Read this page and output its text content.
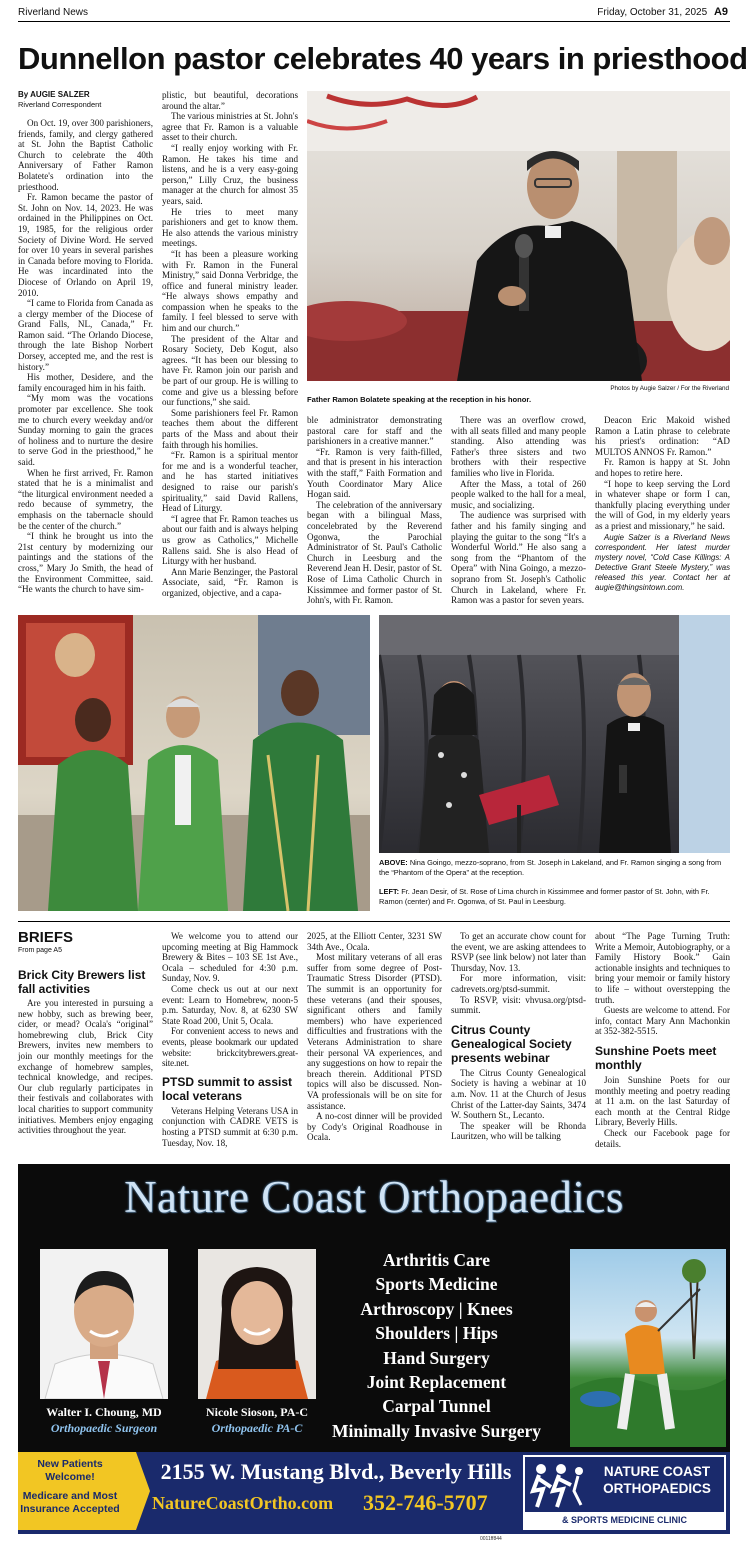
Riverland News	Friday, October 31, 2025 A9
Dunnellon pastor celebrates 40 years in priesthood
By AUGIE SALZER
Riverland Correspondent

On Oct. 19, over 300 parishioners, friends, family, and clergy gathered at St. John the Baptist Catholic Church to celebrate the 40th Anniversary of Father Ramon Bolatete's ordination into the priesthood.

Fr. Ramon became the pastor of St. John on Nov. 14, 2023. He was ordained in the Philippines on Oct. 19, 1985, for the religious order Society of Divine Word. He served for over 10 years in several parishes in Canada before moving to Florida. He was incardinated into the Diocese of Orlando on April 19, 2010.

“I came to Florida from Canada as a clergy member of the Diocese of Grand Falls, NL, Canada,” Fr. Ramon said. “The Orlando Diocese, through the late Bishop Norbert Dorsey, accepted me, and the rest is history.”

His mother, Desidere, and the family encouraged him in his faith.

“My mom was the vocations promoter par excellence. She took me to church every weekday and/or Sunday morning to gain the graces of holiness and to nurture the desire to serve God in the priesthood,” he said.

When he first arrived, Fr. Ramon stated that he is a minimalist and “the liturgical environment needed a redo because of symmetry, the emphasis on the tabernacle should be the center of the church.”

“I think he brought us into the 21st century by modernizing our paintings and the stations of the cross,” Mary Jo Smith, the head of the Environment Committee, said. “He wants the church to have sim-

plistic, but beautiful, decorations around the altar.”

The various ministries at St. John's agree that Fr. Ramon is a valuable asset to their church.

“I really enjoy working with Fr. Ramon. He takes his time and listens, and he is a very easy-going person,” Lilly Cruz, the business manager at the church for almost 35 years, said.

He tries to meet many parishioners and get to know them. He also attends the various ministry meetings.

“It has been a pleasure working with Fr. Ramon in the Funeral Ministry,” said Donna Verbridge, the office and funeral ministry leader. “He always shows empathy and compassion when he speaks to the family. I feel blessed to serve with him and our church.”

The president of the Altar and Rosary Society, Deb Kogut, also agrees. “It has been our blessing to have Fr. Ramon join our parish and be part of our group. He is willing to come and give us a blessing before our functions,” she said.

Some parishioners feel Fr. Ramon teaches them about the different parts of the Mass and about their faith through his homilies.

“Fr. Ramon is a spiritual mentor for me and is a wonderful teacher, and he has started initiatives designed to raise our parish's spirituality,” said David Rallens, Head of Liturgy.

“I agree that Fr. Ramon teaches us about our faith and is always helping us grow as Catholics,” Michelle Rallens said. She is also Head of Liturgy with her husband.

Ann Marie Benzinger, the Pastoral Associate, said, “Fr. Ramon is organized, objective, and a capa-

Photos by Augie Salzer / For the Riverland
Father Ramon Bolatete speaking at the reception in his honor.

ble administrator demonstrating pastoral care for staff and the parishioners in a creative manner.”

“Fr. Ramon is very faith-filled, and that is present in his interaction with the staff,” Faith Formation and Youth Coordinator Mary Alice Hogan said.

The celebration of the anniversary began with a bilingual Mass, concelebrated by the Reverend Ogonwa, the Parochial Administrator of St. Paul's Catholic Church in Leesburg and the Reverend Jean H. Desir, pastor of St. Rose of Lima Catholic Church in Kissimmee and former pastor of St. John's, with Fr. Ramon.

There was an overflow crowd, with all seats filled and many people standing. Also attending was Father's three sisters and two brothers with their respective families who live in Florida.

After the Mass, a total of 260 people walked to the hall for a meal, music, and socializing.

The audience was surprised with father and his family singing and playing the guitar to the song “It's a Wonderful World.” He also sang a song from the “Phantom of the Opera” with Nina Goingo, a mezzo-soprano from St. Joseph's Catholic Church in Lakeland, where Fr. Ramon was a pastor for seven years.

Deacon Eric Makoid wished Ramon a Latin phrase to celebrate his priest's ordination: “AD MULTOS ANNOS Fr. Ramon.”

Fr. Ramon is happy at St. John and hopes to retire here.

“I hope to keep serving the Lord in whatever shape or form I can, thankfully placing everything under the will of God, in my elderly years as a priest and missionary,” he said.

Augie Salzer is a Riverland News correspondent. Her latest murder mystery novel, “Cold Case Killings: A Detective Grant Steele Mystery,” was released this year. Contact her at augie@thingsintown.com.

ABOVE: Nina Goingo, mezzo-soprano, from St. Joseph in Lakeland, and Fr. Ramon singing a song from the “Phantom of the Opera” at the reception.
LEFT: Fr. Jean Desir, of St. Rose of Lima church in Kissimmee and former pastor of St. John, with Fr. Ramon (center) and Fr. Ogonwa, of St. Paul in Leesburg.
BRIEFS
From page A5
Brick City Brewers list fall activities

Are you interested in pursuing a new hobby, such as brewing beer, cider, or mead? Ocala's “original” homebrewing club, Brick City Brewers, invites new members to join our monthly meetings for the exchange of homebrew samples, technical knowledge, and recipes. Our club regularly participates in their festivals and collaborates with local charities to support community initiatives. Members enjoy engaging activities throughout the year.

We welcome you to attend our upcoming meeting at Big Hammock Brewery & Bites – 103 SE 1st Ave., Ocala – scheduled for 4:30 p.m. Sunday, Nov. 9.

Come check us out at our next event: Learn to Homebrew, noon-5 p.m. Saturday, Nov. 8, at 6230 SW State Road 200, Unit 5, Ocala.

For convenient access to news and events, please bookmark our updated website: brickcitybrewers.great-site.net.

PTSD summit to assist local veterans

Veterans Helping Veterans USA in conjunction with CADRE VETS is hosting a PTSD summit at 6:30 p.m. Tuesday, Nov. 18,

2025, at the Elliott Center, 3231 SW 34th Ave., Ocala.

Most military veterans of all eras suffer from some degree of Post-Traumatic Stress Disorder (PTSD). The summit is an opportunity for these veterans (and their spouses, significant others and family members) who have experienced difficulties and frustrations with the Veterans Administration to share their personal VA experiences, and any suggestions on how to repair the breach therein. Additional PTSD topics will also be discussed. Non-VA professionals will be on site for assistance.

A no-cost dinner will be provided by Cody's Original Roadhouse in Ocala.

To get an accurate chow count for the event, we are asking attendees to RSVP (see link below) not later than Thursday, Nov. 13.

For more information, visit: cadrevets.org/ptsd-summit.

To RSVP, visit: vhvusa.org/ptsd-summit.

Citrus County Genealogical Society presents webinar

The Citrus County Genealogical Society is having a webinar at 10 a.m. Nov. 11 at the Church of Jesus Christ of the Latter-day Saints, 3474 W. Southern St., Lecanto.

The speaker will be Rhonda Lauritzen, who will be talking

about “The Page Turning Truth: Write a Memoir, Autobiography, or a Family History Book.” Gain actionable insights and techniques to bring your memoir or family history to life – without overstepping the truth.

Guests are welcome to attend. For info, contact Mary Ann Machonkin at 352-382-5515.

Sunshine Poets meet monthly

Join Sunshine Poets for our monthly meeting and poetry reading at 11 a.m. on the last Saturday of each month at the Central Ridge Library, Beverly Hills.

Check our Facebook page for details.

Nature Coast Orthopaedics
Walter I. Choung, MD
Orthopaedic Surgeon
Nicole Sioson, PA-C
Orthopaedic PA-C
Arthritis Care
Sports Medicine
Arthroscopy | Knees
Shoulders | Hips
Hand Surgery
Joint Replacement
Carpal Tunnel
Minimally Invasive Surgery
New Patients
Welcome!
Medicare and Most
Insurance Accepted
2155 W. Mustang Blvd., Beverly Hills
NatureCoastOrtho.com 352-746-5707
NATURE COAST
ORTHOPAEDICS
& SPORTS MEDICINE CLINIC
0011ff844
